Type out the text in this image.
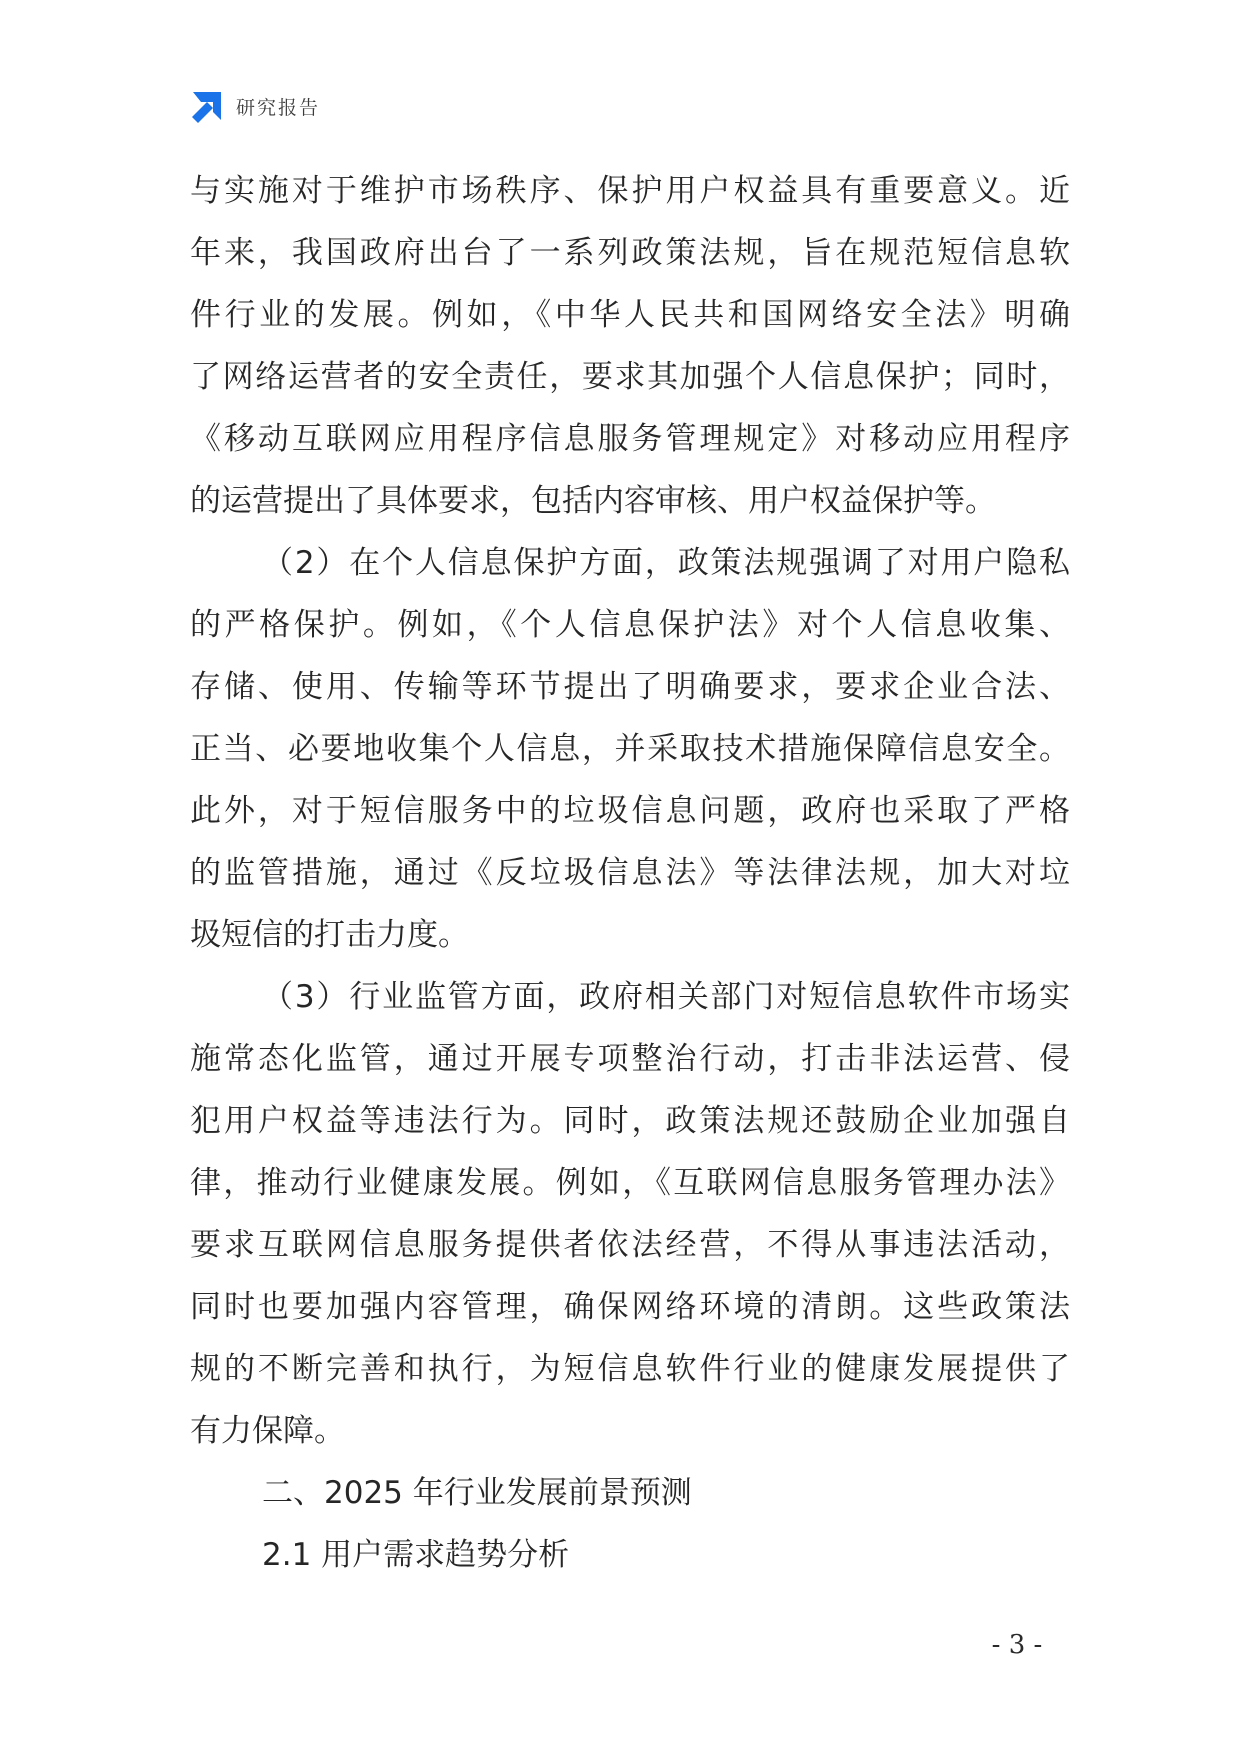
研究报告
与实施对于维护市场秩序、保护用户权益具有重要意义。近
年来，我国政府出台了一系列政策法规，旨在规范短信息软
件行业的发展。例如，《中华人民共和国网络安全法》明确
了网络运营者的安全责任，要求其加强个人信息保护；同时，
《移动互联网应用程序信息服务管理规定》对移动应用程序
的运营提出了具体要求，包括内容审核、用户权益保护等。
（2）在个人信息保护方面，政策法规强调了对用户隐私
的严格保护。例如，《个人信息保护法》对个人信息收集、
存储、使用、传输等环节提出了明确要求，要求企业合法、
正当、必要地收集个人信息，并采取技术措施保障信息安全。
此外，对于短信服务中的垃圾信息问题，政府也采取了严格
的监管措施，通过《反垃圾信息法》等法律法规，加大对垃
圾短信的打击力度。
（3）行业监管方面，政府相关部门对短信息软件市场实
施常态化监管，通过开展专项整治行动，打击非法运营、侵
犯用户权益等违法行为。同时，政策法规还鼓励企业加强自
律，推动行业健康发展。例如，《互联网信息服务管理办法》
要求互联网信息服务提供者依法经营，不得从事违法活动，
同时也要加强内容管理，确保网络环境的清朗。这些政策法
规的不断完善和执行，为短信息软件行业的健康发展提供了
有力保障。
二、2025 年行业发展前景预测
2.1 用户需求趋势分析
- 3 -
